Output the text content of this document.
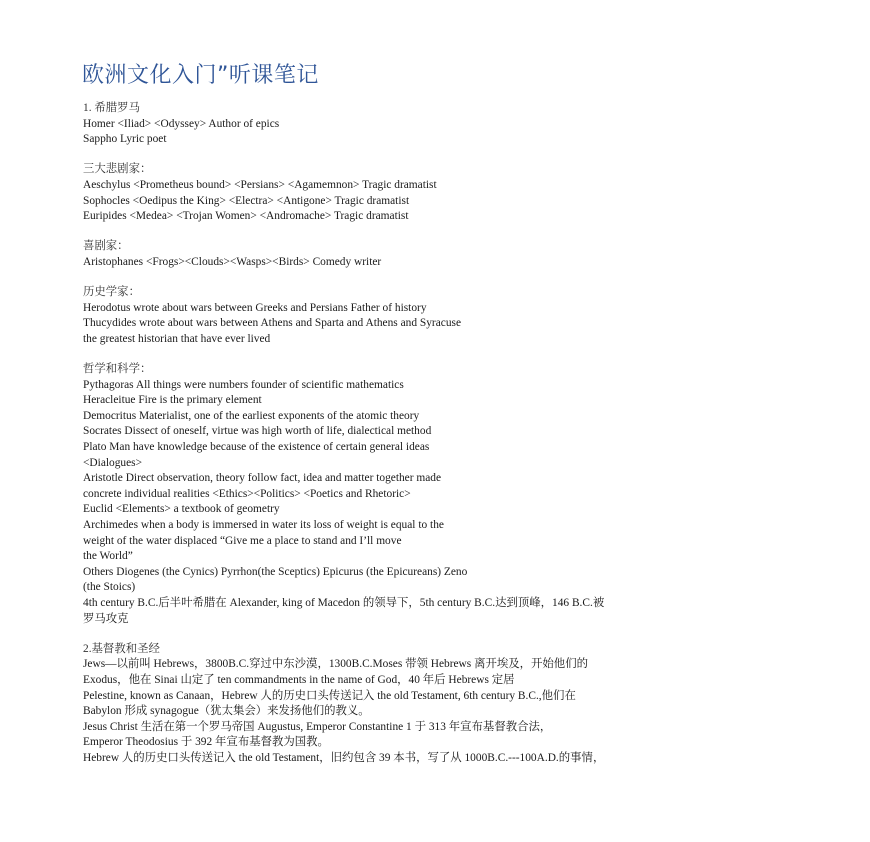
欧洲文化入门”听课笔记
1. 希腊罗马
Homer <Iliad> <Odyssey> Author of epics
Sappho Lyric poet
三大悲剧家：
Aeschylus <Prometheus bound> <Persians> <Agamemnon> Tragic dramatist
Sophocles <Oedipus the King> <Electra> <Antigone> Tragic dramatist
Euripides <Medea> <Trojan Women> <Andromache> Tragic dramatist
喜剧家：
Aristophanes <Frogs><Clouds><Wasps><Birds> Comedy writer
历史学家：
Herodotus wrote about wars between Greeks and Persians Father of history
Thucydides wrote about wars between Athens and Sparta and Athens and Syracuse
the greatest historian that have ever lived
哲学和科学：
Pythagoras All things were numbers founder of scientific mathematics
Heracleitue Fire is the primary element
Democritus Materialist, one of the earliest exponents of the atomic theory
Socrates Dissect of oneself, virtue was high worth of life, dialectical method
Plato Man have knowledge because of the existence of certain general ideas
<Dialogues>
Aristotle Direct observation, theory follow fact, idea and matter together made
concrete individual realities <Ethics><Politics> <Poetics and Rhetoric>
Euclid <Elements> a textbook of geometry
Archimedes when a body is immersed in water its loss of weight is equal to the
weight of the water displaced “Give me a place to stand and I’ll move
the World”
Others Diogenes (the Cynics) Pyrrhon(the Sceptics) Epicurus (the Epicureans) Zeno
(the Stoics)
4th century B.C.后半叶希腊在 Alexander, king of Macedon 的领导下，5th century B.C.达到顶峰，146 B.C.被
罗马攻克
2.基督教和圣经
Jews—以前叫 Hebrews，3800B.C.穿过中东沙漠，1300B.C.Moses 带领 Hebrews 离开埃及，开始他们的
Exodus，他在 Sinai 山定了 ten commandments in the name of God，40 年后 Hebrews 定居
Pelestine, known as Canaan，Hebrew 人的历史口头传送记入 the old Testament, 6th century B.C.,他们在
Babylon 形成 synagogue（犹太集会）来发扬他们的教义。
Jesus Christ 生活在第一个罗马帝国 Augustus, Emperor Constantine 1 于 313 年宣布基督教合法，
Emperor Theodosius 于 392 年宣布基督教为国教。
Hebrew 人的历史口头传送记入 the old Testament，旧约包含 39 本书，写了从 1000B.C.---100A.D.的事情，
